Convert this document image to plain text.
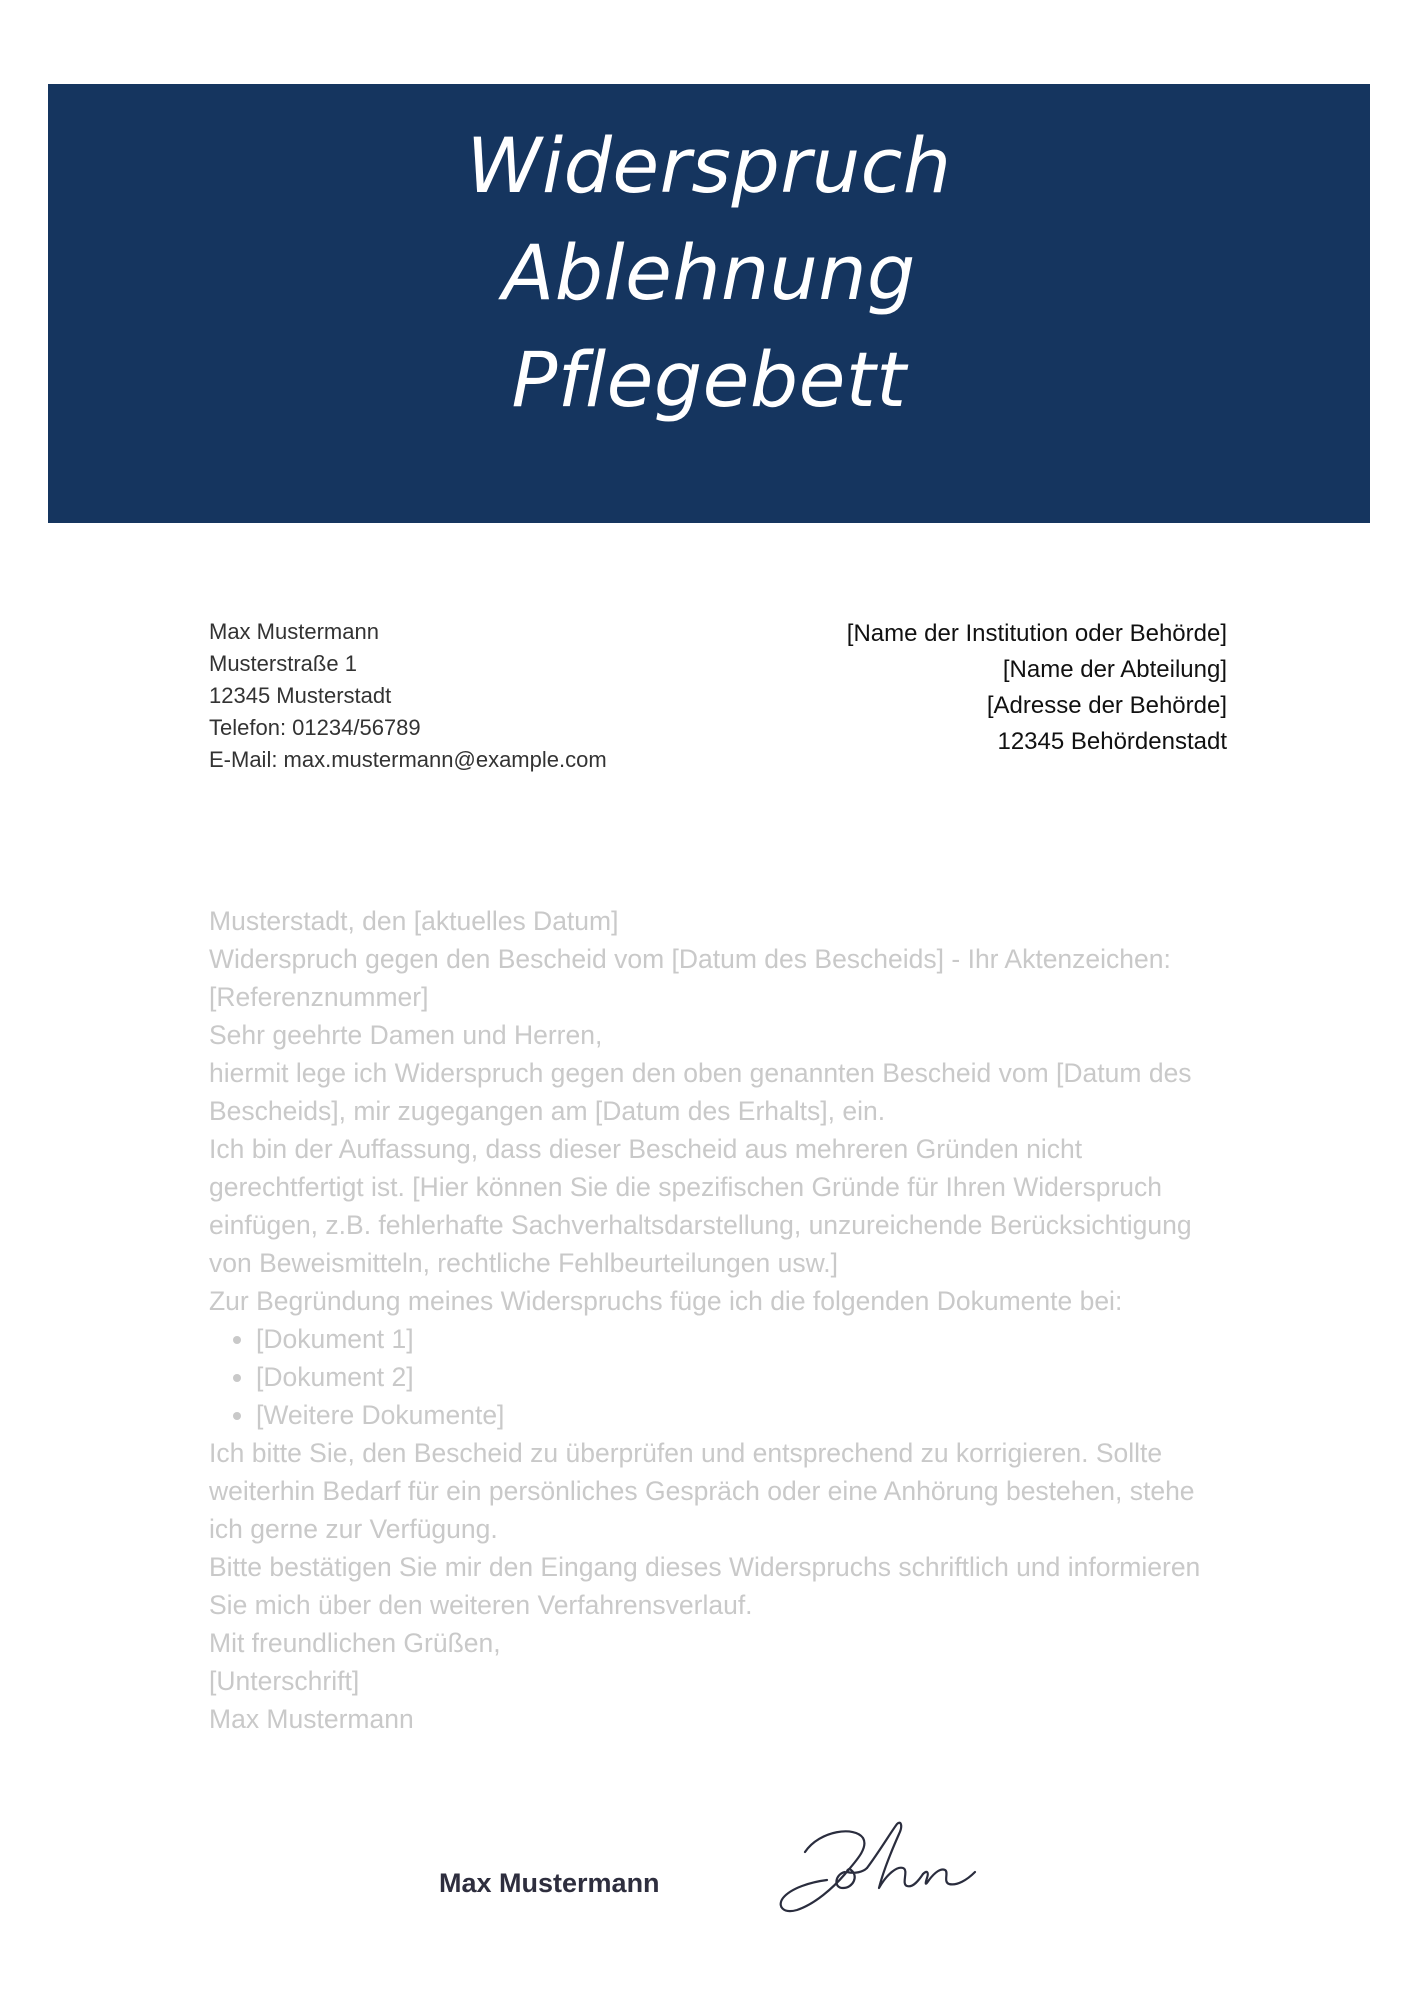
Widerspruch
Ablehnung
Pflegebett
Max Mustermann
Musterstraße 1
12345 Musterstadt
Telefon: 01234/56789
E-Mail: max.mustermann@example.com
[Name der Institution oder Behörde]
[Name der Abteilung]
[Adresse der Behörde]
12345 Behördenstadt

Musterstadt, den [aktuelles Datum]

Widerspruch gegen den Bescheid vom [Datum des Bescheids] - Ihr Aktenzeichen: [Referenznummer]

Sehr geehrte Damen und Herren,

hiermit lege ich Widerspruch gegen den oben genannten Bescheid vom [Datum des Bescheids], mir zugegangen am [Datum des Erhalts], ein.

Ich bin der Auffassung, dass dieser Bescheid aus mehreren Gründen nicht gerechtfertigt ist. [Hier können Sie die spezifischen Gründe für Ihren Widerspruch einfügen, z.B. fehlerhafte Sachverhaltsdarstellung, unzureichende Berücksichtigung von Beweismitteln, rechtliche Fehlbeurteilungen usw.]

Zur Begründung meines Widerspruchs füge ich die folgenden Dokumente bei:

• [Dokument 1]
• [Dokument 2]
• [Weitere Dokumente]

Ich bitte Sie, den Bescheid zu überprüfen und entsprechend zu korrigieren. Sollte weiterhin Bedarf für ein persönliches Gespräch oder eine Anhörung bestehen, stehe ich gerne zur Verfügung.

Bitte bestätigen Sie mir den Eingang dieses Widerspruchs schriftlich und informieren Sie mich über den weiteren Verfahrensverlauf.

Mit freundlichen Grüßen,

[Unterschrift]

Max Mustermann

Max Mustermann
